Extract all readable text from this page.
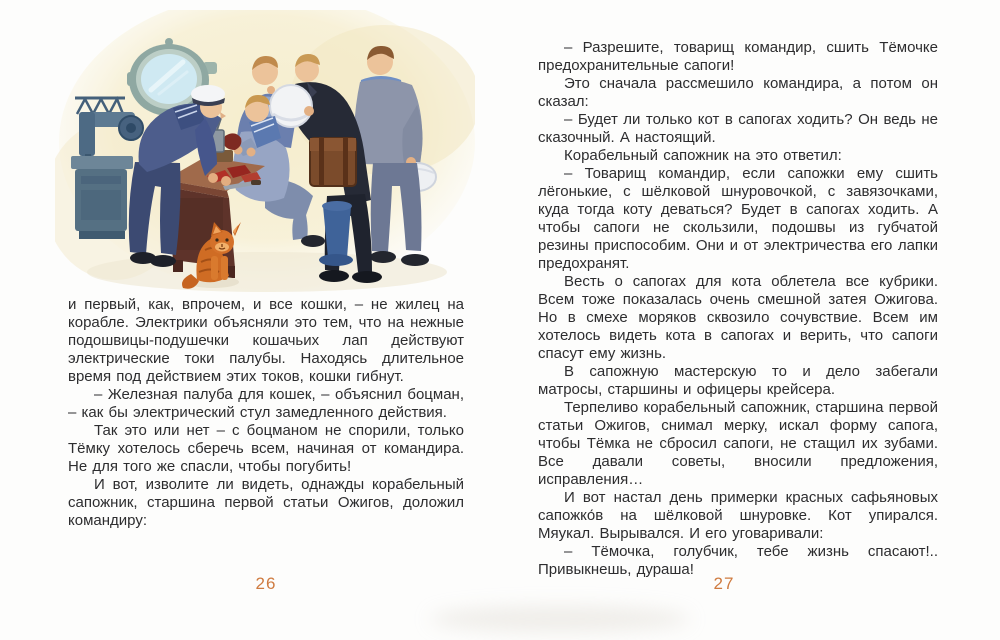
и первый, как, впрочем, и все кошки, – не жилец на корабле. Электрики объясняли это тем, что на нежные подошвицы-подушечки кошачьих лап действуют электрические токи палубы. Находясь длительное время под действием этих токов, кошки гибнут.

– Железная палуба для кошек, – объяснил боцман, – как бы электрический стул замедленного действия.

Так это или нет – с боцманом не спорили, только Тёмку хотелось сберечь всем, начиная от командира. Не для того же спасли, чтобы погубить!

И вот, изволите ли видеть, однажды корабельный сапожник, старшина первой статьи Ожигов, доложил командиру:

26

– Разрешите, товарищ командир, сшить Тёмочке предохранительные сапоги!

Это сначала рассмешило командира, а потом он сказал:

– Будет ли только кот в сапогах ходить? Он ведь не сказочный. А настоящий.

Корабельный сапожник на это ответил:

– Товарищ командир, если сапожки ему сшить лёгонькие, с шёлковой шнуровочкой, с завязочками, куда тогда коту деваться? Будет в сапогах ходить. А чтобы сапоги не скользили, подошвы из губчатой резины приспособим. Они и от электричества его лапки предохранят.

Весть о сапогах для кота облетела все кубрики. Всем тоже показалась очень смешной затея Ожигова. Но в смехе моряков сквозило сочувствие. Всем им хотелось видеть кота в сапогах и верить, что сапоги спасут ему жизнь.

В сапожную мастерскую то и дело забегали матросы, старшины и офицеры крейсера.

Терпеливо корабельный сапожник, старшина первой статьи Ожигов, снимал мерку, искал форму сапога, чтобы Тёмка не сбросил сапоги, не стащил их зубами. Все давали советы, вносили предложения, исправления…

И вот настал день примерки красных сафьяновых сапожко́в на шёлковой шнуровке. Кот упирался. Мяукал. Вырывался. И его уговаривали:

– Тёмочка, голубчик, тебе жизнь спасают!.. Привыкнешь, дураша!

27
